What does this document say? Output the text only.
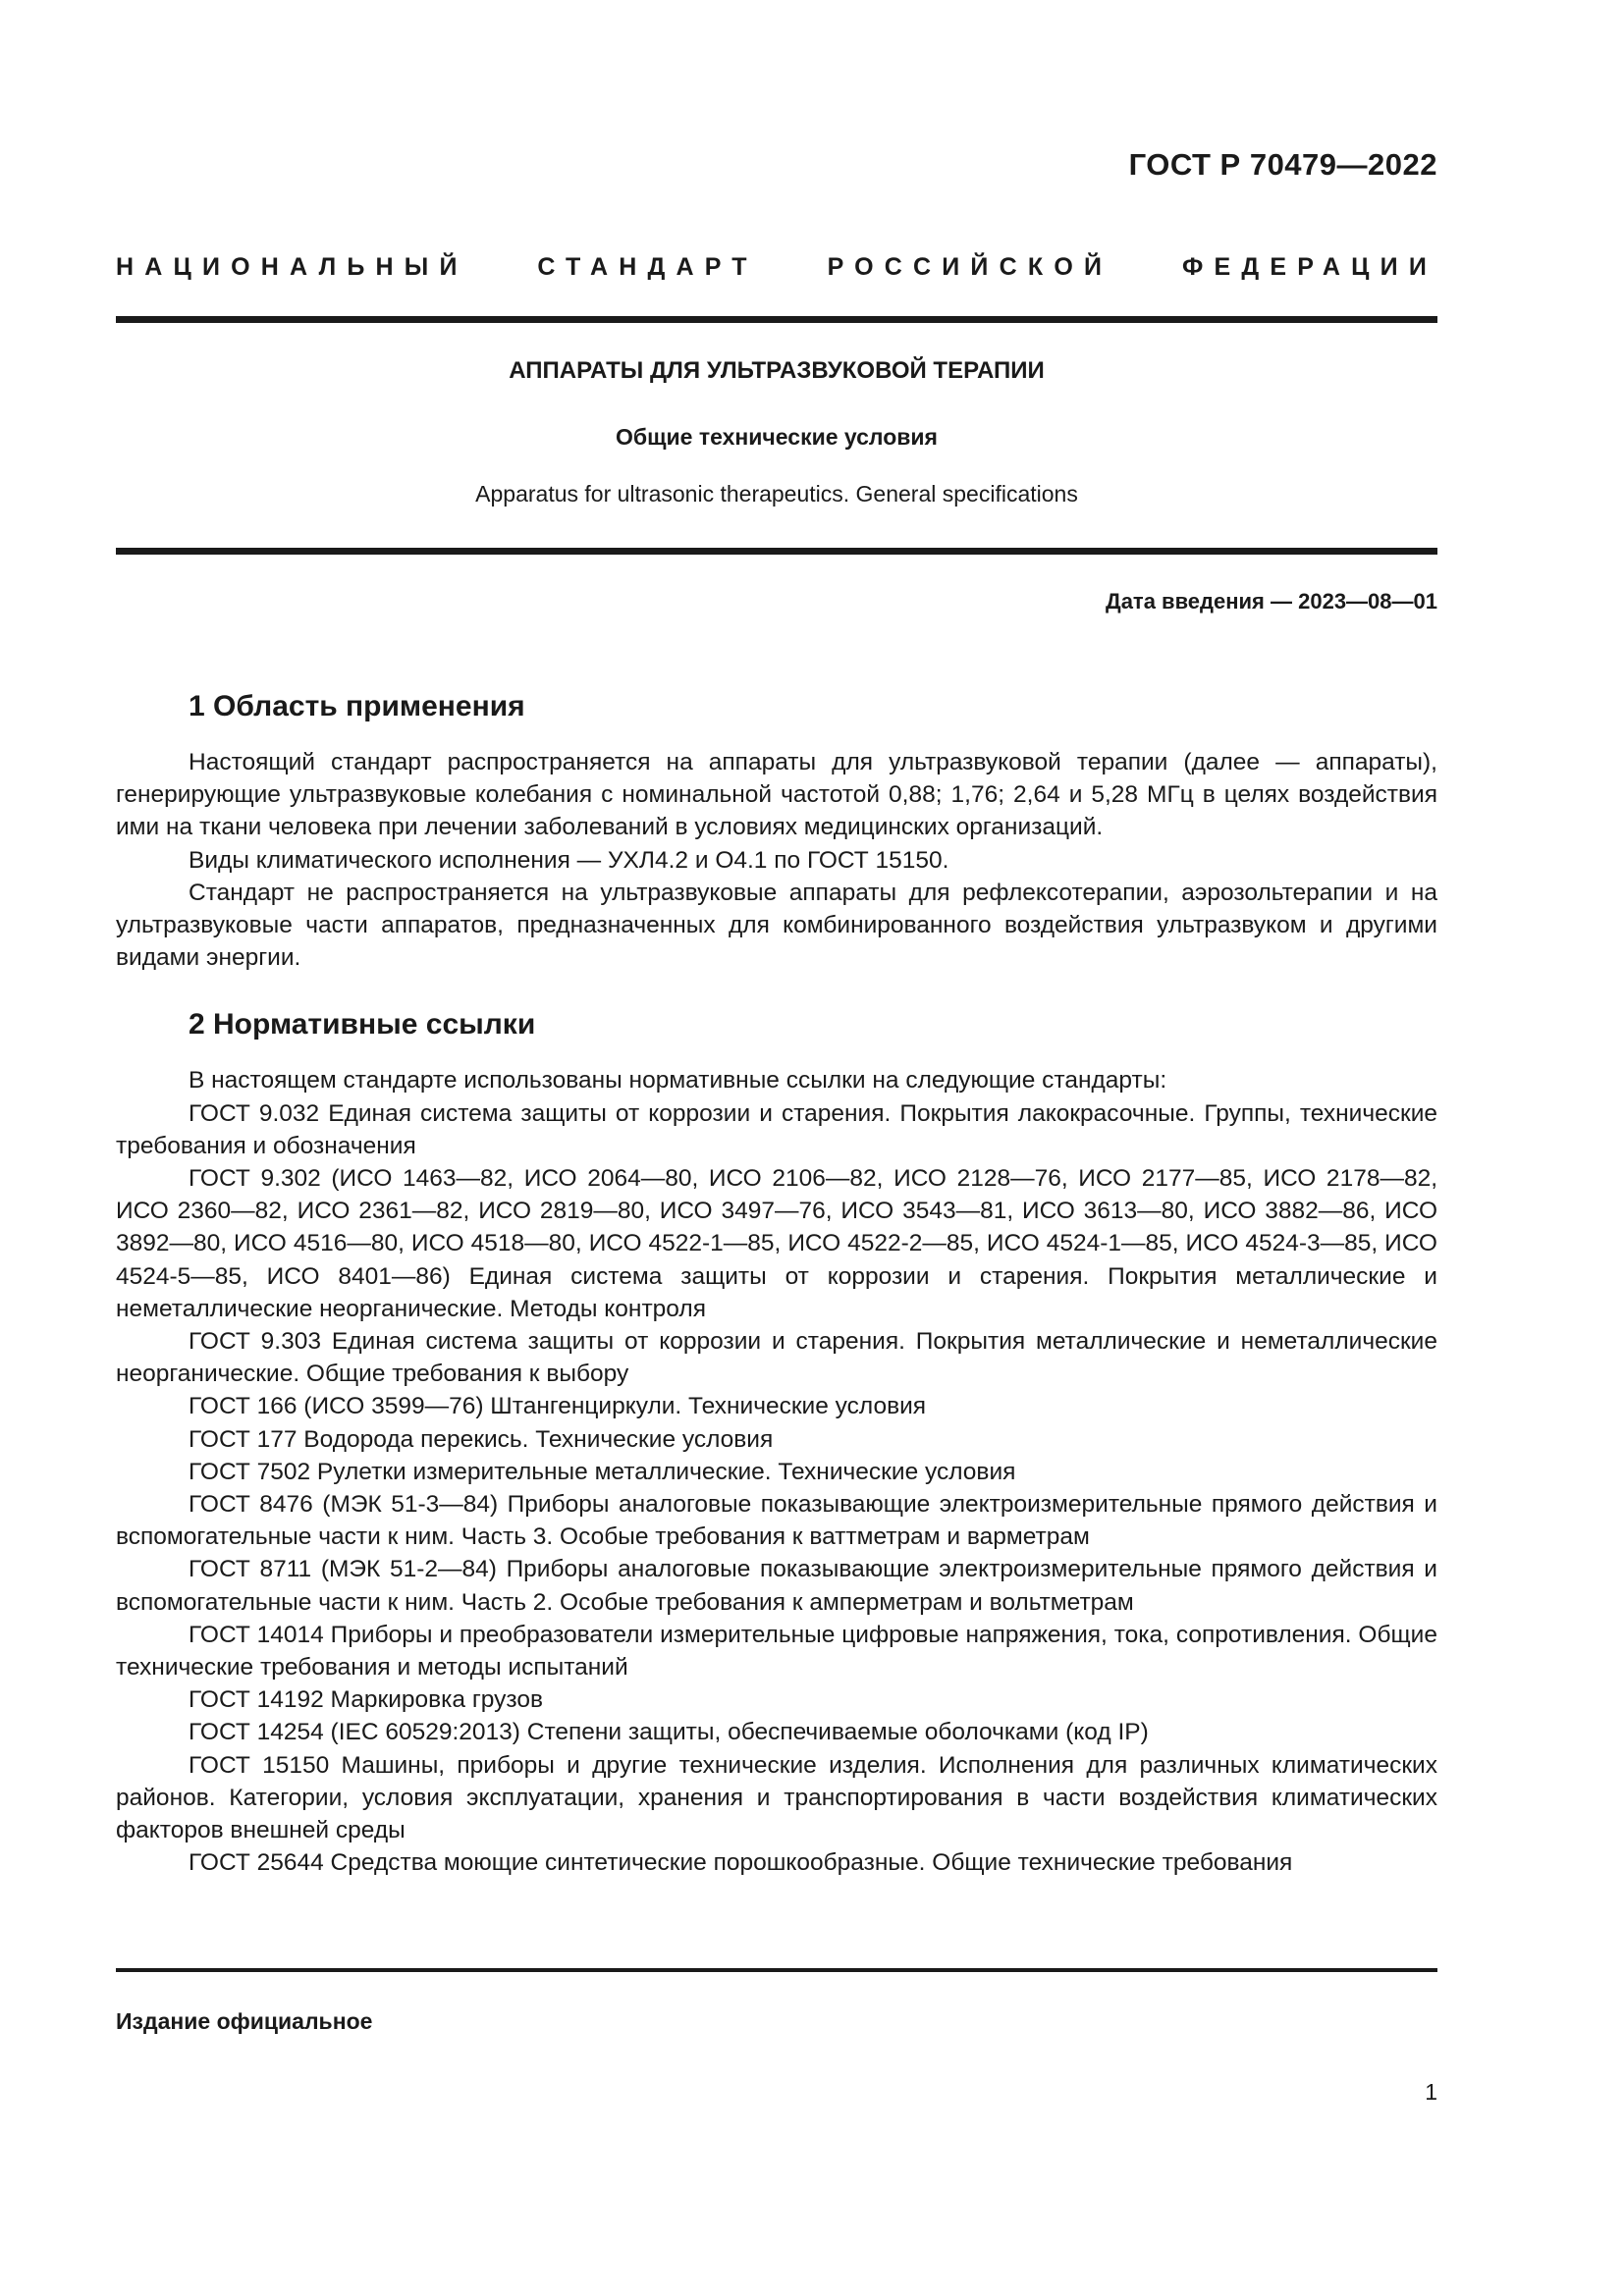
ГОСТ Р 70479—2022
НАЦИОНАЛЬНЫЙ СТАНДАРТ РОССИЙСКОЙ ФЕДЕРАЦИИ
АППАРАТЫ ДЛЯ УЛЬТРАЗВУКОВОЙ ТЕРАПИИ
Общие технические условия
Apparatus for ultrasonic therapeutics. General specifications
Дата введения — 2023—08—01
1 Область применения

Настоящий стандарт распространяется на аппараты для ультразвуковой терапии (далее — аппараты), генерирующие ультразвуковые колебания с номинальной частотой 0,88; 1,76; 2,64 и 5,28 МГц в целях воздействия ими на ткани человека при лечении заболеваний в условиях медицинских организаций.

Виды климатического исполнения — УХЛ4.2 и О4.1 по ГОСТ 15150.

Стандарт не распространяется на ультразвуковые аппараты для рефлексотерапии, аэрозольтерапии и на ультразвуковые части аппаратов, предназначенных для комбинированного воздействия ультразвуком и другими видами энергии.

2 Нормативные ссылки

В настоящем стандарте использованы нормативные ссылки на следующие стандарты:

ГОСТ 9.032 Единая система защиты от коррозии и старения. Покрытия лакокрасочные. Группы, технические требования и обозначения

ГОСТ 9.302 (ИСО 1463—82, ИСО 2064—80, ИСО 2106—82, ИСО 2128—76, ИСО 2177—85, ИСО 2178—82, ИСО 2360—82, ИСО 2361—82, ИСО 2819—80, ИСО 3497—76, ИСО 3543—81, ИСО 3613—80, ИСО 3882—86, ИСО 3892—80, ИСО 4516—80, ИСО 4518—80, ИСО 4522-1—85, ИСО 4522-2—85, ИСО 4524-1—85, ИСО 4524-3—85, ИСО 4524-5—85, ИСО 8401—86) Единая система защиты от коррозии и старения. Покрытия металлические и неметаллические неорганические. Методы контроля

ГОСТ 9.303 Единая система защиты от коррозии и старения. Покрытия металлические и неметаллические неорганические. Общие требования к выбору

ГОСТ 166 (ИСО 3599—76) Штангенциркули. Технические условия

ГОСТ 177 Водорода перекись. Технические условия

ГОСТ 7502 Рулетки измерительные металлические. Технические условия

ГОСТ 8476 (МЭК 51-3—84) Приборы аналоговые показывающие электроизмерительные прямого действия и вспомогательные части к ним. Часть 3. Особые требования к ваттметрам и варметрам

ГОСТ 8711 (МЭК 51-2—84) Приборы аналоговые показывающие электроизмерительные прямого действия и вспомогательные части к ним. Часть 2. Особые требования к амперметрам и вольтметрам

ГОСТ 14014 Приборы и преобразователи измерительные цифровые напряжения, тока, сопротивления. Общие технические требования и методы испытаний

ГОСТ 14192 Маркировка грузов

ГОСТ 14254 (IEC 60529:2013) Степени защиты, обеспечиваемые оболочками (код IP)

ГОСТ 15150 Машины, приборы и другие технические изделия. Исполнения для различных климатических районов. Категории, условия эксплуатации, хранения и транспортирования в части воздействия климатических факторов внешней среды

ГОСТ 25644 Средства моющие синтетические порошкообразные. Общие технические требования

Издание официальное
1
